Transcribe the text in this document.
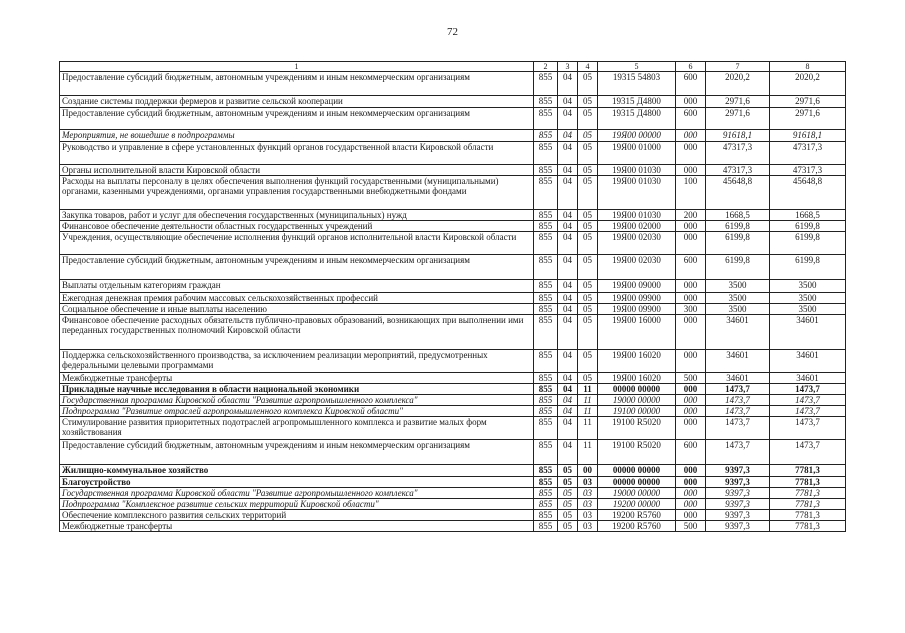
72
1	2	3	4	5	6	7	8
Предоставление субсидий бюджетным, автономным учреждениям и иным некоммерческим организациям	855	04	05	19315 54803	600	2020,2	2020,2
Создание системы поддержки фермеров и развитие сельской кооперации	855	04	05	19315 Д4800	000	2971,6	2971,6
Предоставление субсидий бюджетным, автономным учреждениям и иным некоммерческим организациям	855	04	05	19315 Д4800	600	2971,6	2971,6
Мероприятия, не вошедшие в подпрограммы	855	04	05	19Я00 00000	000	91618,1	91618,1
Руководство и управление в сфере установленных функций органов государственной власти Кировской области	855	04	05	19Я00 01000	000	47317,3	47317,3
Органы исполнительной власти Кировской области	855	04	05	19Я00 01030	000	47317,3	47317,3
Расходы на выплаты персоналу в целях обеспечения выполнения функций государственными (муниципальными) органами, казенными учреждениями, органами управления государственными внебюджетными фондами	855	04	05	19Я00 01030	100	45648,8	45648,8
Закупка товаров, работ и услуг для обеспечения государственных (муниципальных) нужд	855	04	05	19Я00 01030	200	1668,5	1668,5
Финансовое обеспечение деятельности областных государственных учреждений	855	04	05	19Я00 02000	000	6199,8	6199,8
Учреждения, осуществляющие обеспечение исполнения функций органов исполнительной власти Кировской области	855	04	05	19Я00 02030	000	6199,8	6199,8
Предоставление субсидий бюджетным, автономным учреждениям и иным некоммерческим организациям	855	04	05	19Я00 02030	600	6199,8	6199,8
Выплаты отдельным категориям граждан	855	04	05	19Я00 09000	000	3500	3500
Ежегодная денежная премия рабочим массовых сельскохозяйственных профессий	855	04	05	19Я00 09900	000	3500	3500
Социальное обеспечение и иные выплаты населению	855	04	05	19Я00 09900	300	3500	3500
Финансовое обеспечение расходных обязательств публично-правовых образований, возникающих при выполнении ими переданных государственных полномочий Кировской области	855	04	05	19Я00 16000	000	34601	34601
Поддержка сельскохозяйственного производства, за исключением реализации мероприятий, предусмотренных федеральными целевыми программами	855	04	05	19Я00 16020	000	34601	34601
Межбюджетные трансферты	855	04	05	19Я00 16020	500	34601	34601
Прикладные научные исследования в области национальной экономики	855	04	11	00000 00000	000	1473,7	1473,7
Государственная программа Кировской области "Развитие агропромышленного комплекса"	855	04	11	19000 00000	000	1473,7	1473,7
Подпрограмма "Развитие отраслей агропромышленного комплекса Кировской области"	855	04	11	19100 00000	000	1473,7	1473,7
Стимулирование развития приоритетных подотраслей агропромышленного комплекса и развитие малых форм хозяйствования	855	04	11	19100 R5020	000	1473,7	1473,7
Предоставление субсидий бюджетным, автономным учреждениям и иным некоммерческим организациям	855	04	11	19100 R5020	600	1473,7	1473,7
Жилищно-коммунальное хозяйство	855	05	00	00000 00000	000	9397,3	7781,3
Благоустройство	855	05	03	00000 00000	000	9397,3	7781,3
Государственная программа Кировской области "Развитие агропромышленного комплекса"	855	05	03	19000 00000	000	9397,3	7781,3
Подпрограмма "Комплексное развитие сельских территорий Кировской области"	855	05	03	19200 00000	000	9397,3	7781,3
Обеспечение комплексного развития сельских территорий	855	05	03	19200 R5760	000	9397,3	7781,3
Межбюджетные трансферты	855	05	03	19200 R5760	500	9397,3	7781,3
